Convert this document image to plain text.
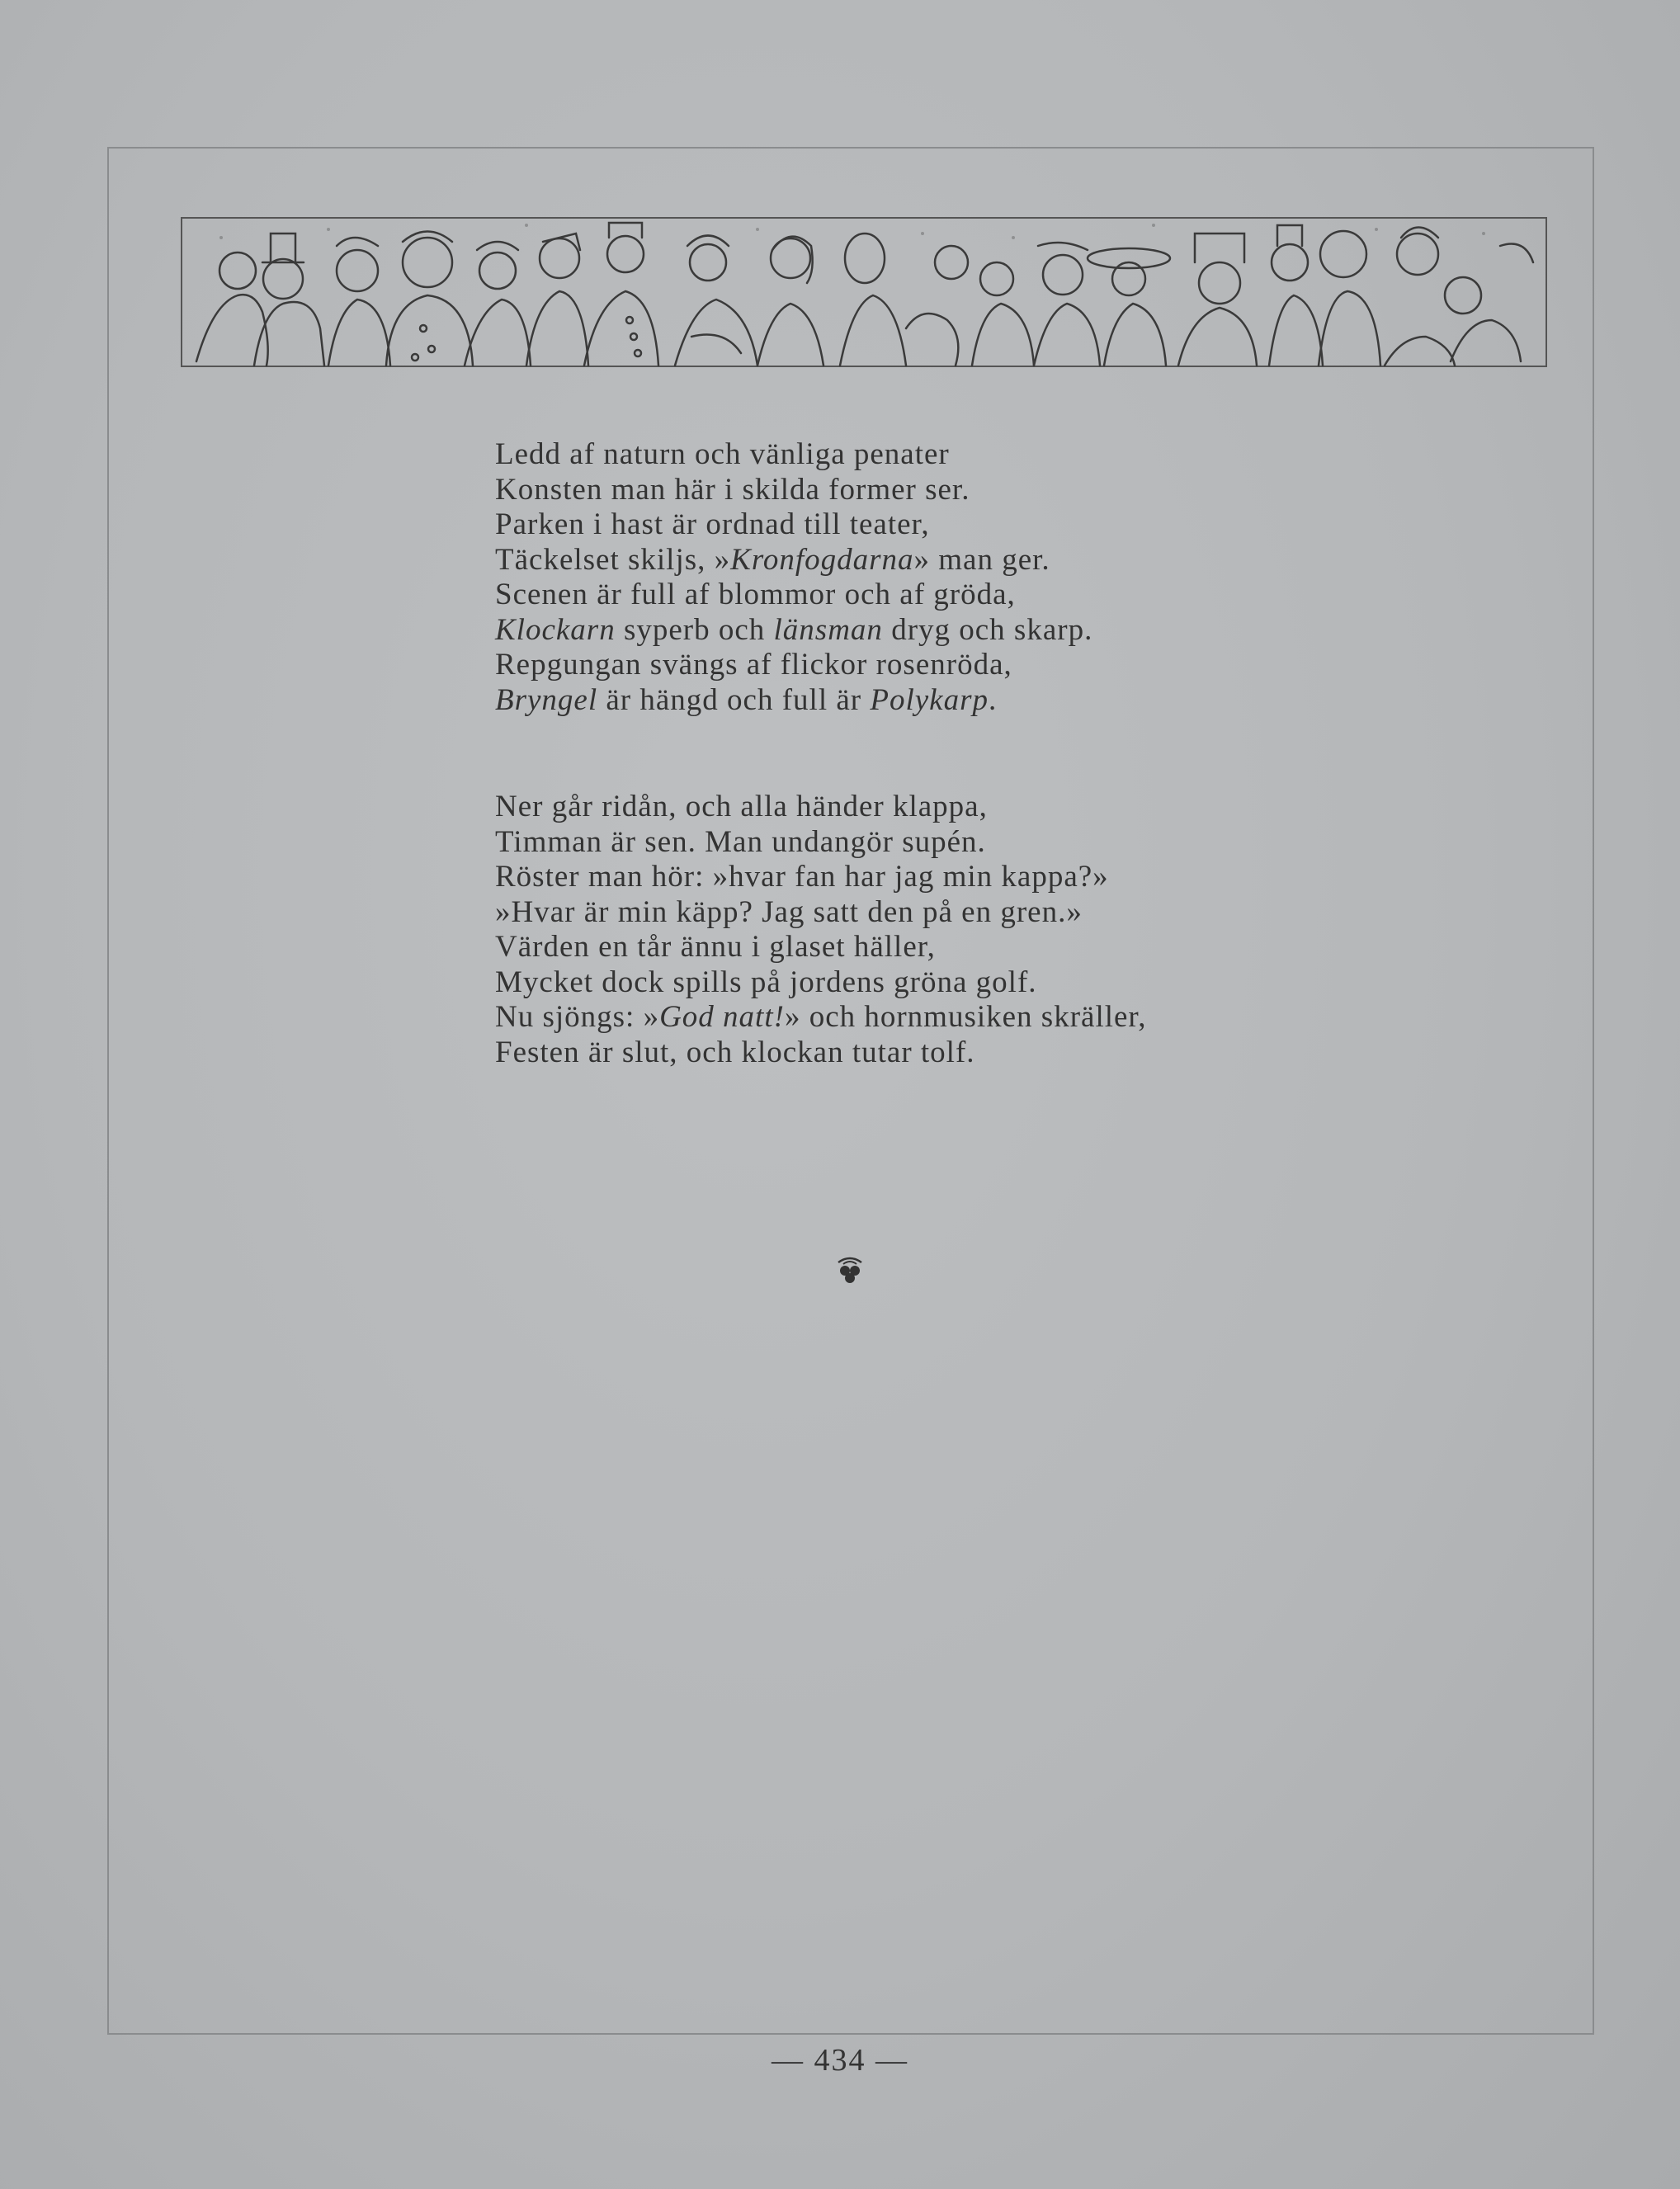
Ledd af naturn och vänliga penater
Konsten man här i skilda former ser.
Parken i hast är ordnad till teater,
Täckelset skiljs, »Kronfogdarna» man ger.
Scenen är full af blommor och af gröda,
Klockarn syperb och länsman dryg och skarp.
Repgungan svängs af flickor rosenröda,
Bryngel är hängd och full är Polykarp.
Ner går ridån, och alla händer klappa,
Timman är sen. Man undangör supén.
Röster man hör: »hvar fan har jag min kappa?»
»Hvar är min käpp? Jag satt den på en gren.»
Värden en tår ännu i glaset häller,
Mycket dock spills på jordens gröna golf.
Nu sjöngs: »God natt!» och hornmusiken skräller,
Festen är slut, och klockan tutar tolf.
— 434 —
